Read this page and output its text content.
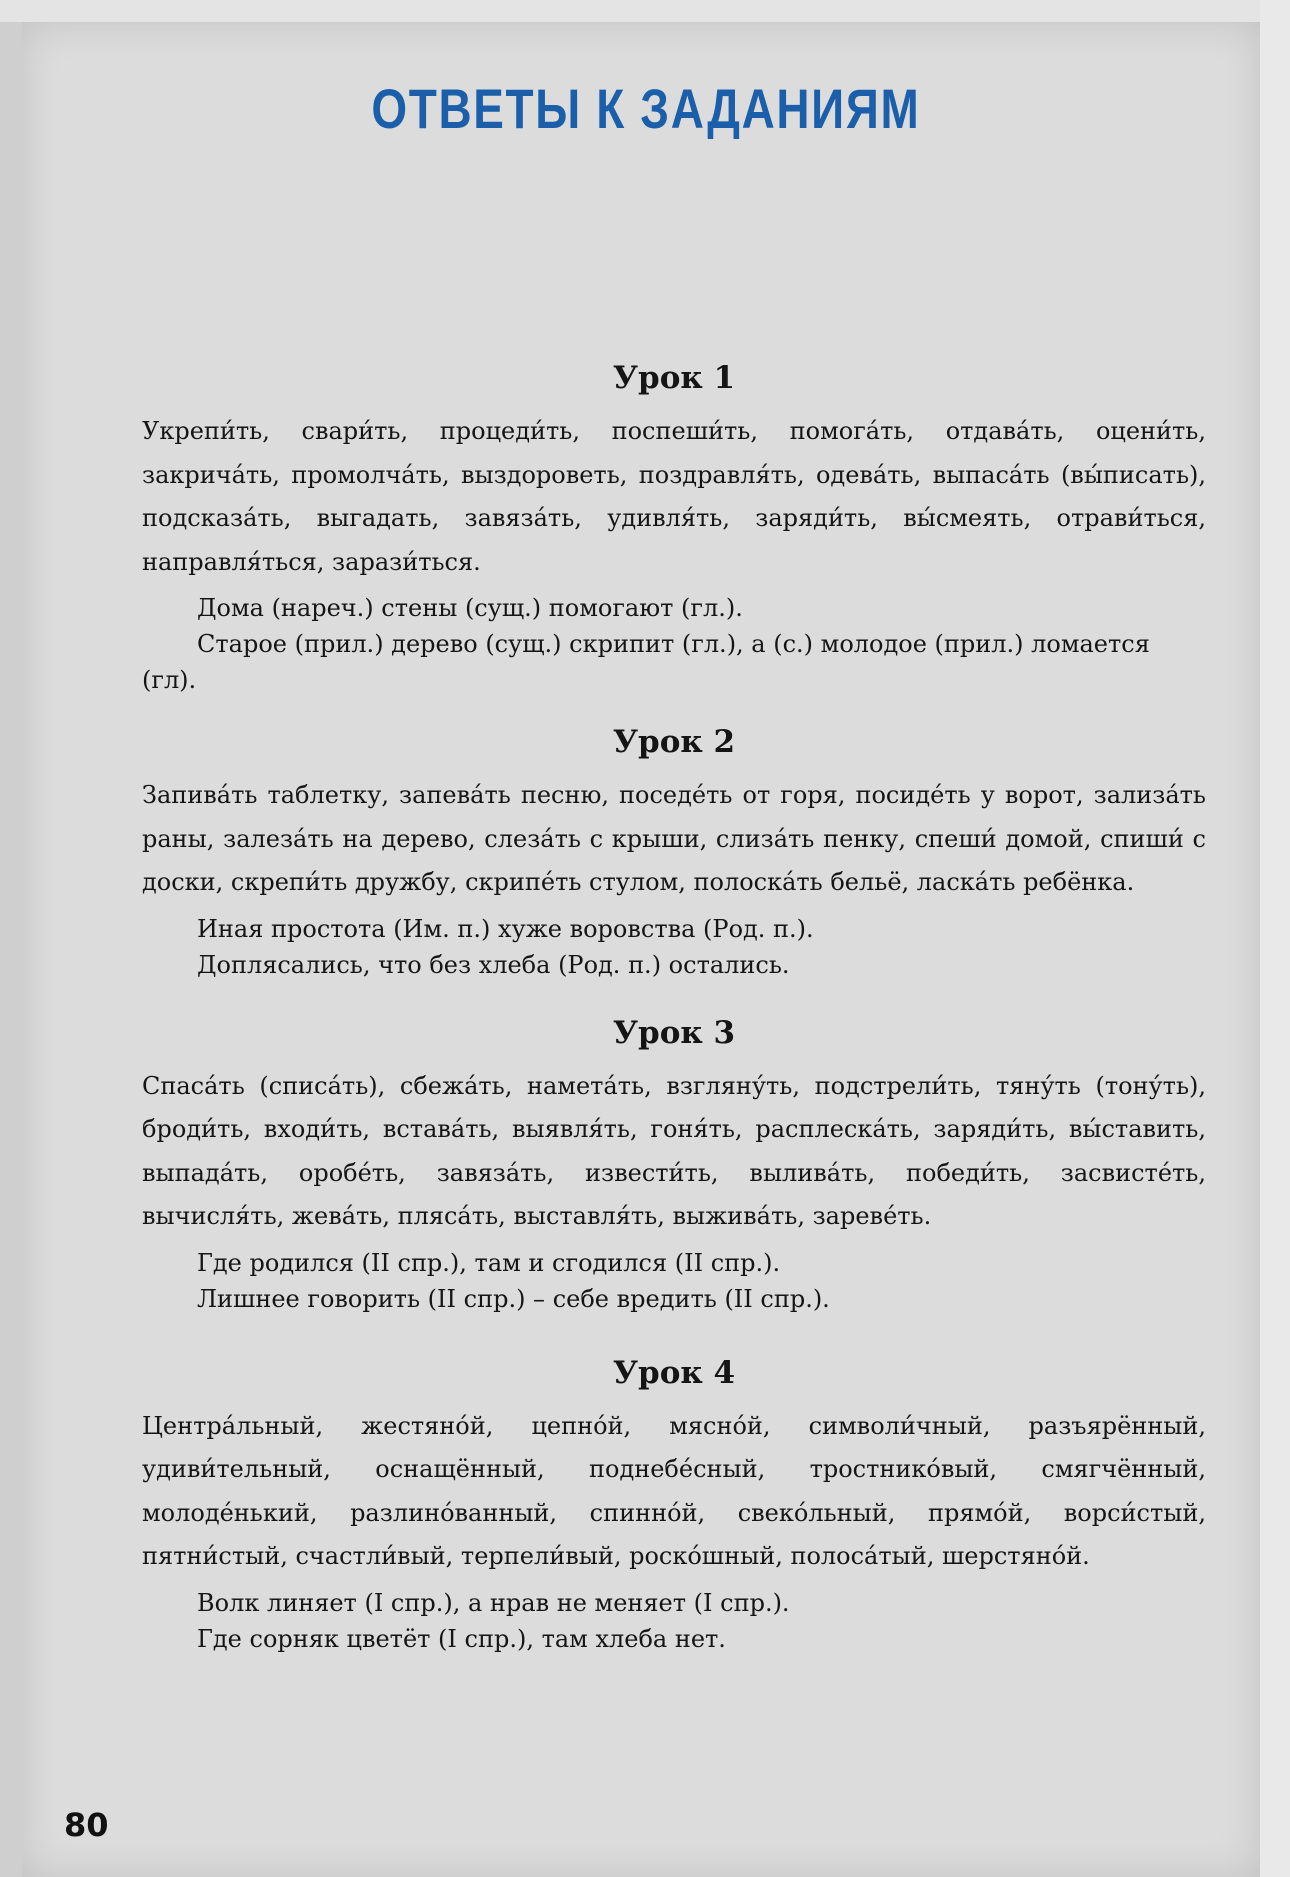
ОТВЕТЫ К ЗАДАНИЯМ
Урок 1

Укрепи́ть, свари́ть, процеди́ть, поспеши́ть, помога́ть, отдава́ть, оцени́ть, закрича́ть, промолча́ть, выздороветь, поздравля́ть, одева́ть, выпаса́ть (вы́писать), подсказа́ть, выгадать, завяза́ть, удивля́ть, заряди́ть, вы́смеять, отрави́ться, направля́ться, зарази́ться.

Дома (нареч.) стены (сущ.) помогают (гл.).

Старое (прил.) дерево (сущ.) скрипит (гл.), а (с.) молодое (прил.) ломается (гл).

Урок 2

Запива́ть таблетку, запева́ть песню, поседе́ть от горя, посиде́ть у ворот, зализа́ть раны, залеза́ть на дерево, слеза́ть с крыши, слиза́ть пенку, спеши́ домой, спиши́ с доски, скрепи́ть дружбу, скрипе́ть стулом, полоска́ть бельё, ласка́ть ребёнка.

Иная простота (Им. п.) хуже воровства (Род. п.).

Доплясались, что без хлеба (Род. п.) остались.

Урок 3

Спаса́ть (списа́ть), сбежа́ть, намета́ть, взгляну́ть, подстрели́ть, тяну́ть (тону́ть), броди́ть, входи́ть, встава́ть, выявля́ть, гоня́ть, расплеска́ть, заряди́ть, вы́ставить, выпада́ть, оробе́ть, завяза́ть, извести́ть, вылива́ть, победи́ть, засвисте́ть, вычисля́ть, жева́ть, пляса́ть, выставля́ть, выжива́ть, зареве́ть.

Где родился (II спр.), там и сгодился (II спр.).

Лишнее говорить (II спр.) – себе вредить (II спр.).

Урок 4

Центра́льный, жестяно́й, цепно́й, мясно́й, символи́чный, разъярённый, удиви́тельный, оснащённый, поднебе́сный, тростнико́вый, смягчённый, молоде́нький, разлино́ванный, спинно́й, свеко́льный, прямо́й, ворси́стый, пятни́стый, счастли́вый, терпели́вый, роско́шный, полоса́тый, шерстяно́й.

Волк линяет (I спр.), а нрав не меняет (I спр.).

Где сорняк цветёт (I спр.), там хлеба нет.

80
